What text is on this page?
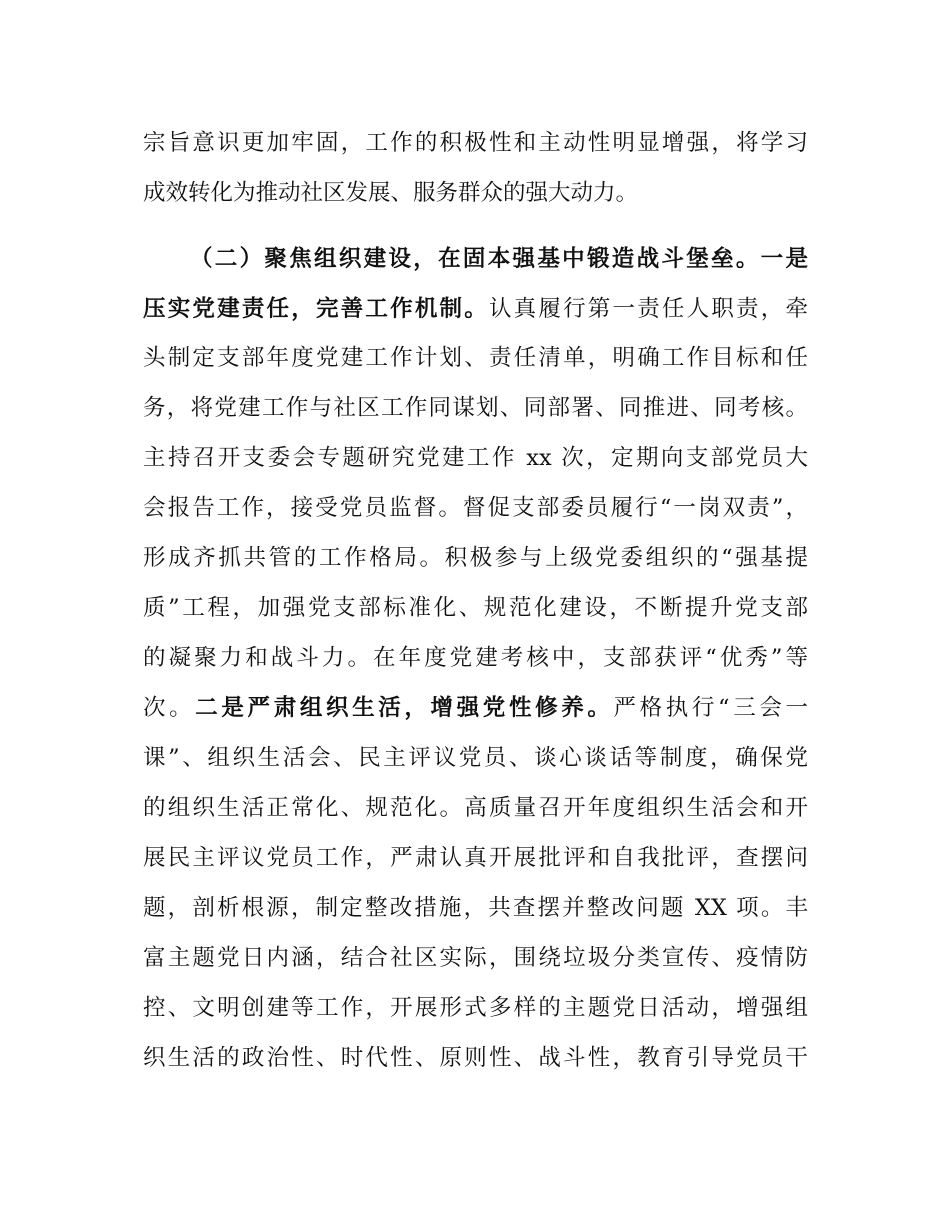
宗旨意识更加牢固，工作的积极性和主动性明显增强，将学习
成效转化为推动社区发展、服务群众的强大动力。
（二）聚焦组织建设，在固本强基中锻造战斗堡垒。一是
压实党建责任，完善工作机制。认真履行第一责任人职责，牵
头制定支部年度党建工作计划、责任清单，明确工作目标和任
务，将党建工作与社区工作同谋划、同部署、同推进、同考核。
主持召开支委会专题研究党建工作 xx 次，定期向支部党员大
会报告工作，接受党员监督。督促支部委员履行“一岗双责”，
形成齐抓共管的工作格局。积极参与上级党委组织的“强基提
质”工程，加强党支部标准化、规范化建设，不断提升党支部
的凝聚力和战斗力。在年度党建考核中，支部获评“优秀”等
次。二是严肃组织生活，增强党性修养。严格执行“三会一
课”、组织生活会、民主评议党员、谈心谈话等制度，确保党
的组织生活正常化、规范化。高质量召开年度组织生活会和开
展民主评议党员工作，严肃认真开展批评和自我批评，查摆问
题，剖析根源，制定整改措施，共查摆并整改问题 XX 项。丰
富主题党日内涵，结合社区实际，围绕垃圾分类宣传、疫情防
控、文明创建等工作，开展形式多样的主题党日活动，增强组
织生活的政治性、时代性、原则性、战斗性，教育引导党员干
